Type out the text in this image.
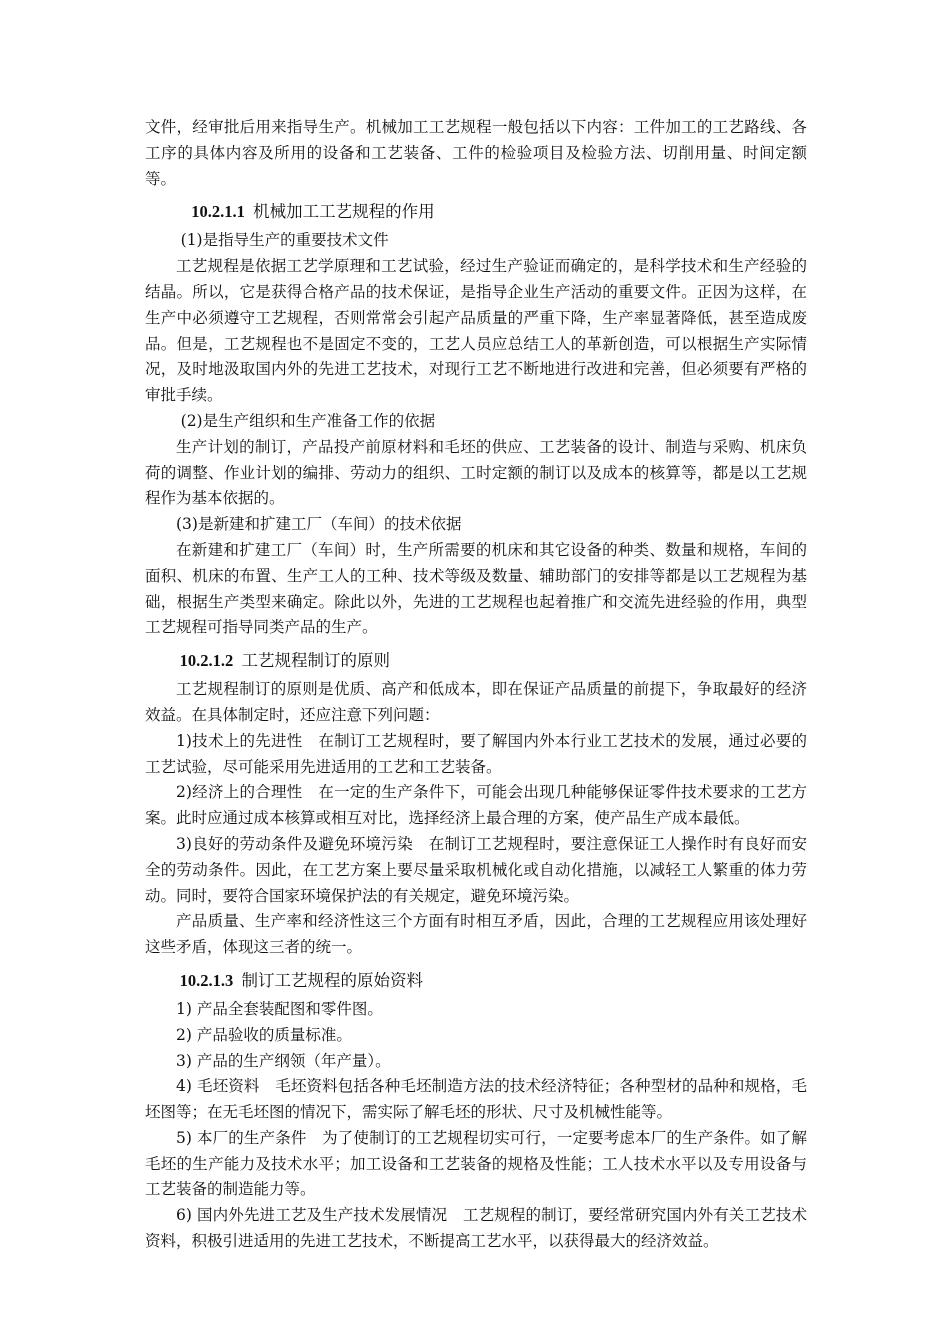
文件，经审批后用来指导生产。机械加工工艺规程一般包括以下内容：工件加工的工艺路线、各工序的具体内容及所用的设备和工艺装备、工件的检验项目及检验方法、切削用量、时间定额等。

10.2.1.1 机械加工工艺规程的作用

(1)是指导生产的重要技术文件

工艺规程是依据工艺学原理和工艺试验，经过生产验证而确定的，是科学技术和生产经验的结晶。所以，它是获得合格产品的技术保证，是指导企业生产活动的重要文件。正因为这样，在生产中必须遵守工艺规程，否则常常会引起产品质量的严重下降，生产率显著降低，甚至造成废品。但是，工艺规程也不是固定不变的，工艺人员应总结工人的革新创造，可以根据生产实际情况，及时地汲取国内外的先进工艺技术，对现行工艺不断地进行改进和完善，但必须要有严格的审批手续。

(2)是生产组织和生产准备工作的依据

生产计划的制订，产品投产前原材料和毛坯的供应、工艺装备的设计、制造与采购、机床负荷的调整、作业计划的编排、劳动力的组织、工时定额的制订以及成本的核算等，都是以工艺规程作为基本依据的。

(3)是新建和扩建工厂（车间）的技术依据

在新建和扩建工厂（车间）时，生产所需要的机床和其它设备的种类、数量和规格，车间的面积、机床的布置、生产工人的工种、技术等级及数量、辅助部门的安排等都是以工艺规程为基础，根据生产类型来确定。除此以外，先进的工艺规程也起着推广和交流先进经验的作用，典型工艺规程可指导同类产品的生产。

10.2.1.2 工艺规程制订的原则

工艺规程制订的原则是优质、高产和低成本，即在保证产品质量的前提下，争取最好的经济效益。在具体制定时，还应注意下列问题：

1)技术上的先进性　在制订工艺规程时，要了解国内外本行业工艺技术的发展，通过必要的工艺试验，尽可能采用先进适用的工艺和工艺装备。

2)经济上的合理性　在一定的生产条件下，可能会出现几种能够保证零件技术要求的工艺方案。此时应通过成本核算或相互对比，选择经济上最合理的方案，使产品生产成本最低。

3)良好的劳动条件及避免环境污染　在制订工艺规程时，要注意保证工人操作时有良好而安全的劳动条件。因此，在工艺方案上要尽量采取机械化或自动化措施，以减轻工人繁重的体力劳动。同时，要符合国家环境保护法的有关规定，避免环境污染。

产品质量、生产率和经济性这三个方面有时相互矛盾，因此，合理的工艺规程应用该处理好这些矛盾，体现这三者的统一。

10.2.1.3 制订工艺规程的原始资料

1) 产品全套装配图和零件图。

2) 产品验收的质量标准。

3) 产品的生产纲领（年产量）。

4) 毛坯资料　毛坯资料包括各种毛坯制造方法的技术经济特征；各种型材的品种和规格，毛坯图等；在无毛坯图的情况下，需实际了解毛坯的形状、尺寸及机械性能等。

5) 本厂的生产条件　为了使制订的工艺规程切实可行，一定要考虑本厂的生产条件。如了解毛坯的生产能力及技术水平；加工设备和工艺装备的规格及性能；工人技术水平以及专用设备与工艺装备的制造能力等。

6) 国内外先进工艺及生产技术发展情况　工艺规程的制订，要经常研究国内外有关工艺技术资料，积极引进适用的先进工艺技术，不断提高工艺水平，以获得最大的经济效益。
